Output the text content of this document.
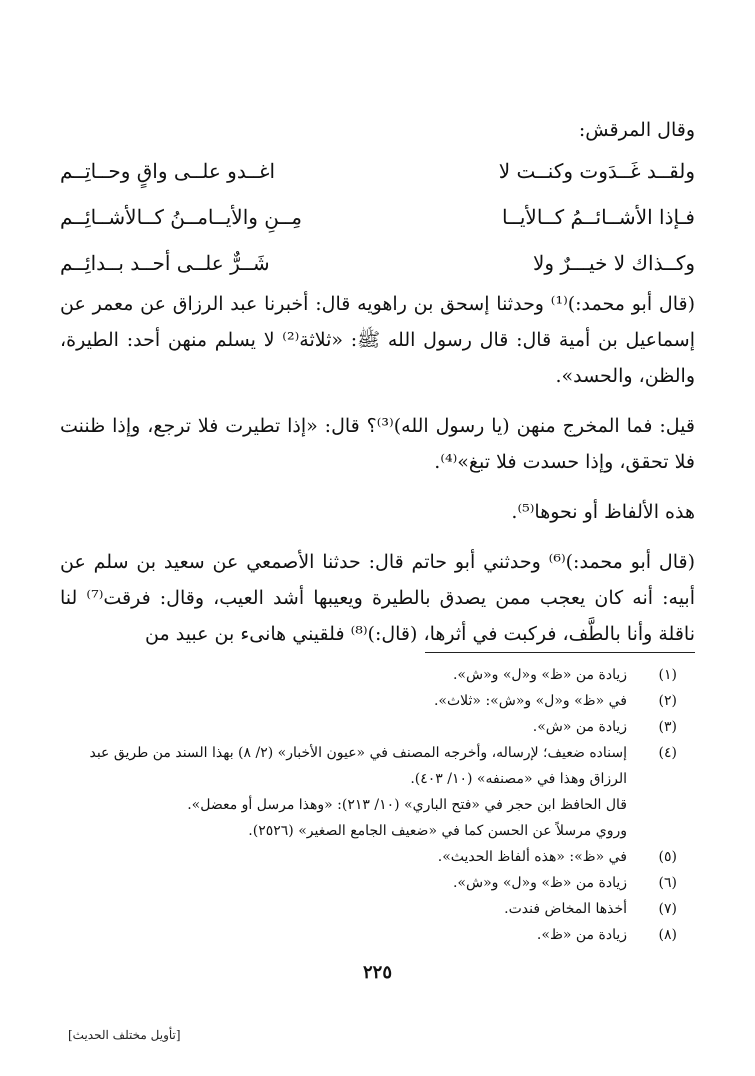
وقال المرقش:

ولقــد غَــدَوت وكنــت لا
اغــدو علــى واقٍ وحــاتِــم
فـإذا الأشــائــمُ كــالأيــا
مِــنِ والأيــامــنُ كــالأشــائِــم
وكــذاك لا خيـــرٌ ولا
شَــرٌّ علــى أحــد بــدائِــم

(قال أبو محمد:)⁽¹⁾ وحدثنا إسحق بن راهويه قال: أخبرنا عبد الرزاق عن معمر عن إسماعيل بن أمية قال: قال رسول الله ﷺ: «ثلاثة⁽²⁾ لا يسلم منهن أحد: الطيرة، والظن، والحسد».

قيل: فما المخرج منهن (يا رسول الله)⁽³⁾؟ قال: «إذا تطيرت فلا ترجع، وإذا ظننت فلا تحقق، وإذا حسدت فلا تبغ»⁽⁴⁾.

هذه الألفاظ أو نحوها⁽⁵⁾.

(قال أبو محمد:)⁽⁶⁾ وحدثني أبو حاتم قال: حدثنا الأصمعي عن سعيد بن سلم عن أبيه: أنه كان يعجب ممن يصدق بالطيرة ويعيبها أشد العيب، وقال: فرقت⁽⁷⁾ لنا ناقلة وأنا بالطَّف، فركبت في أثرها، (قال:)⁽⁸⁾ فلقيني هانىء بن عبيد من

(١)
زيادة من «ظ» و«ل» و«ش».
(٢)
في «ظ» و«ل» و«ش»: «ثلاث».
(٣)
زيادة من «ش».
(٤)
إسناده ضعيف؛ لإرساله، وأخرجه المصنف في «عيون الأخبار» (٢/ ٨) بهذا السند من طريق عبد الرزاق وهذا في «مصنفه» (١٠/ ٤٠٣).
قال الحافظ ابن حجر في «فتح الباري» (١٠/ ٢١٣): «وهذا مرسل أو معضل».
وروي مرسلاً عن الحسن كما في «ضعيف الجامع الصغير» (٢٥٢٦).
(٥)
في «ظ»: «هذه ألفاظ الحديث».
(٦)
زيادة من «ظ» و«ل» و«ش».
(٧)
أخذها المخاض فندت.
(٨)
زيادة من «ظ».
٢٢٥
[تأويل مختلف الحديث]
